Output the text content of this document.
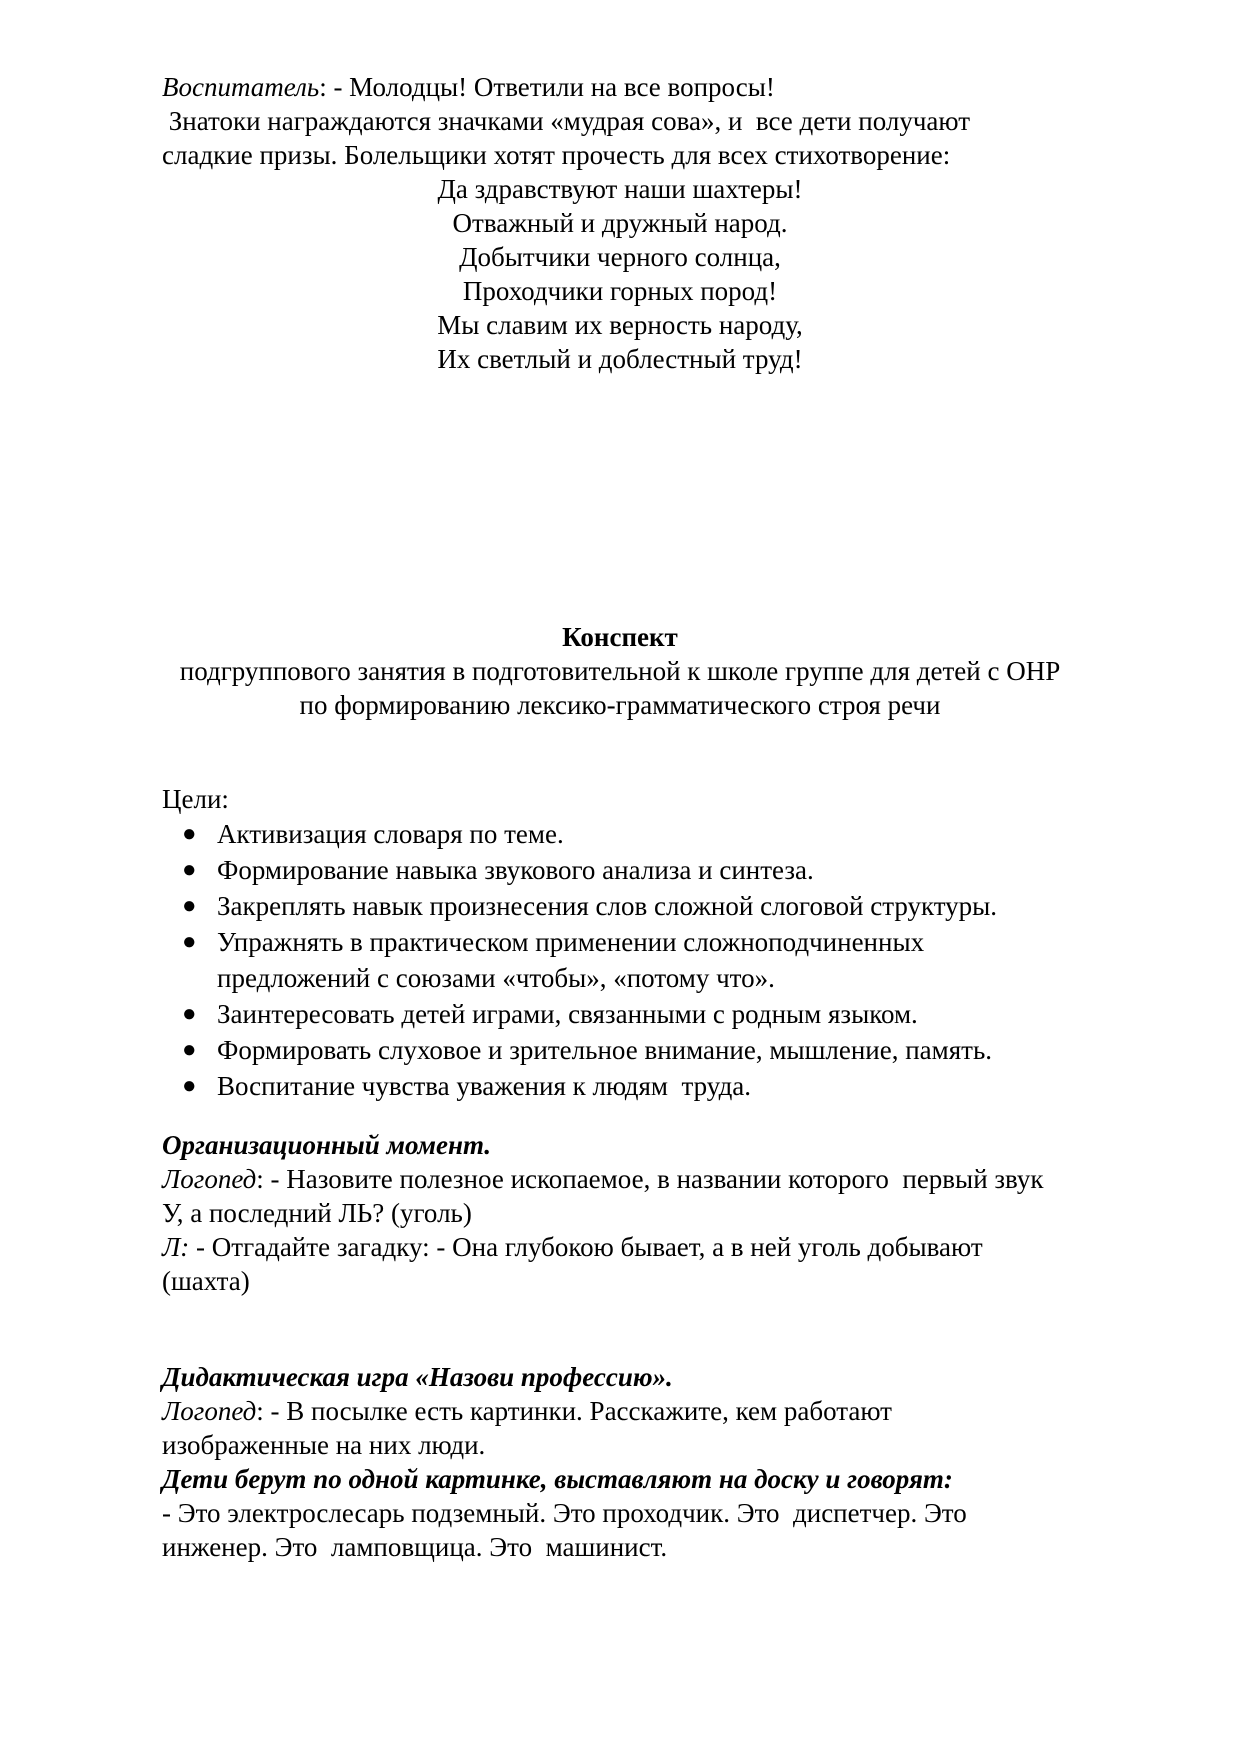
Воспитатель: - Молодцы! Ответили на все вопросы!
Знатоки награждаются значками «мудрая сова», и  все дети получают
сладкие призы. Болельщики хотят прочесть для всех стихотворение:
Да здравствуют наши шахтеры!
Отважный и дружный народ.
Добытчики черного солнца,
Проходчики горных пород!
Мы славим их верность народу,
Их светлый и доблестный труд!
Конспект
подгруппового занятия в подготовительной к школе группе для детей с ОНР
по формированию лексико-грамматического строя речи
Цели:
● Активизация словаря по теме.
● Формирование навыка звукового анализа и синтеза.
● Закреплять навык произнесения слов сложной слоговой структуры.
● Упражнять в практическом применении сложноподчиненных
предложений с союзами «чтобы», «потому что».
● Заинтересовать детей играми, связанными с родным языком.
● Формировать слуховое и зрительное внимание, мышление, память.
● Воспитание чувства уважения к людям  труда.
Организационный момент.
Логопед: - Назовите полезное ископаемое, в названии которого  первый звук
У, а последний ЛЬ? (уголь)
Л: - Отгадайте загадку: - Она глубокою бывает, а в ней уголь добывают
(шахта)
Дидактическая игра «Назови профессию».
Логопед: - В посылке есть картинки. Расскажите, кем работают
изображенные на них люди.
Дети берут по одной картинке, выставляют на доску и говорят:
- Это электрослесарь подземный. Это проходчик. Это  диспетчер. Это
инженер. Это  ламповщица. Это  машинист.
